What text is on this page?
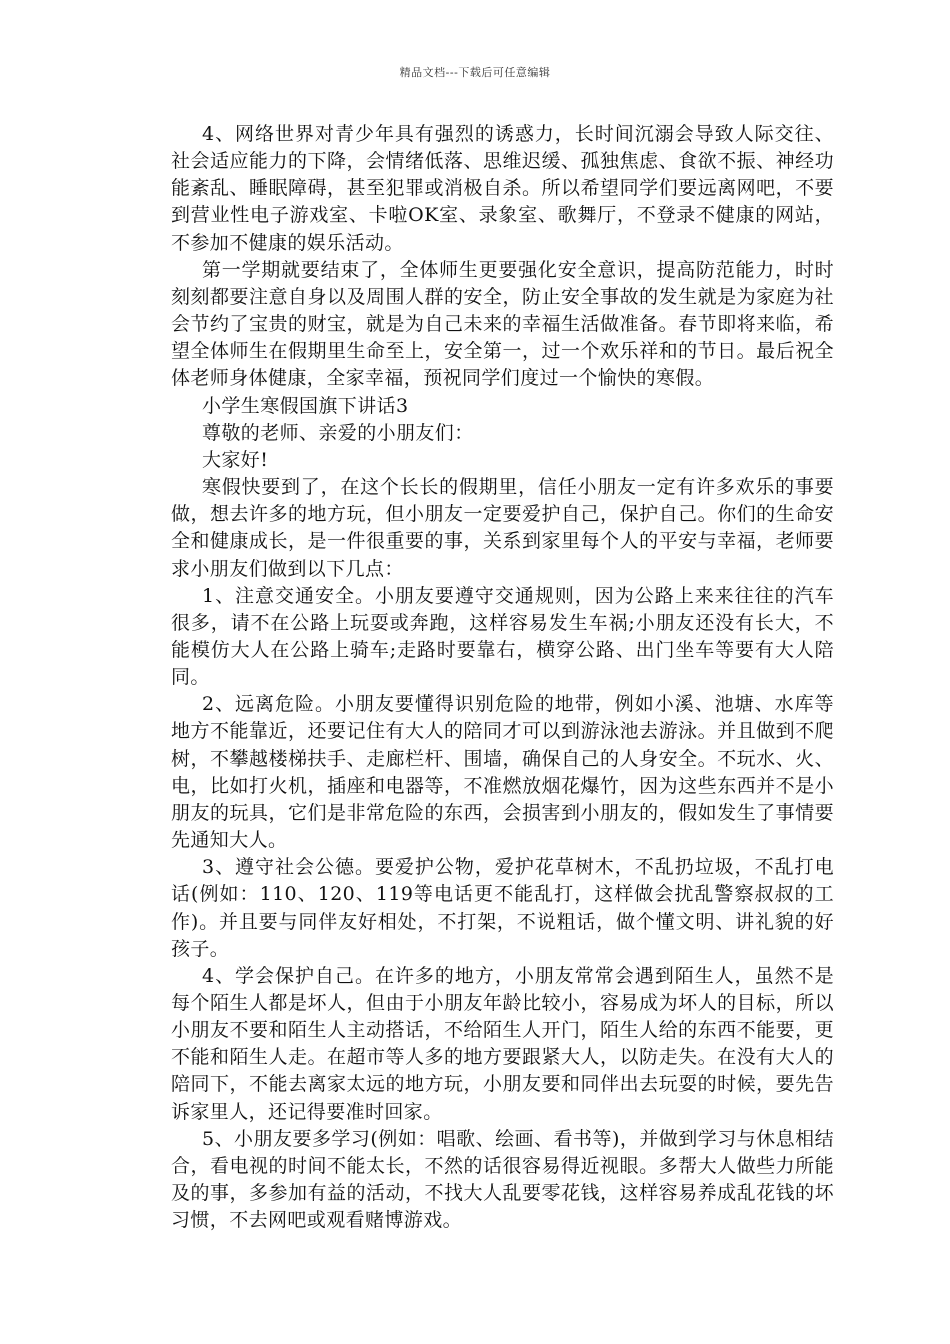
精品文档---下载后可任意编辑

4、网络世界对青少年具有强烈的诱惑力，长时间沉溺会导致人际交往、社会适应能力的下降，会情绪低落、思维迟缓、孤独焦虑、食欲不振、神经功能紊乱、睡眠障碍，甚至犯罪或消极自杀。所以希望同学们要远离网吧，不要到营业性电子游戏室、卡啦OK室、录象室、歌舞厅，不登录不健康的网站，不参加不健康的娱乐活动。

第一学期就要结束了，全体师生更要强化安全意识，提高防范能力，时时刻刻都要注意自身以及周围人群的安全，防止安全事故的发生就是为家庭为社会节约了宝贵的财宝，就是为自己未来的幸福生活做准备。春节即将来临，希望全体师生在假期里生命至上，安全第一，过一个欢乐祥和的节日。最后祝全体老师身体健康，全家幸福，预祝同学们度过一个愉快的寒假。

小学生寒假国旗下讲话3

尊敬的老师、亲爱的小朋友们：

大家好!

寒假快要到了，在这个长长的假期里，信任小朋友一定有许多欢乐的事要做，想去许多的地方玩，但小朋友一定要爱护自己，保护自己。你们的生命安全和健康成长，是一件很重要的事，关系到家里每个人的平安与幸福，老师要求小朋友们做到以下几点：

1、注意交通安全。小朋友要遵守交通规则，因为公路上来来往往的汽车很多，请不在公路上玩耍或奔跑，这样容易发生车祸;小朋友还没有长大，不能模仿大人在公路上骑车;走路时要靠右，横穿公路、出门坐车等要有大人陪同。

2、远离危险。小朋友要懂得识别危险的地带，例如小溪、池塘、水库等地方不能靠近，还要记住有大人的陪同才可以到游泳池去游泳。并且做到不爬树，不攀越楼梯扶手、走廊栏杆、围墙，确保自己的人身安全。不玩水、火、电，比如打火机，插座和电器等，不准燃放烟花爆竹，因为这些东西并不是小朋友的玩具，它们是非常危险的东西，会损害到小朋友的，假如发生了事情要先通知大人。

3、遵守社会公德。要爱护公物，爱护花草树木，不乱扔垃圾，不乱打电话(例如：110、120、119等电话更不能乱打，这样做会扰乱警察叔叔的工作)。并且要与同伴友好相处，不打架，不说粗话，做个懂文明、讲礼貌的好孩子。

4、学会保护自己。在许多的地方，小朋友常常会遇到陌生人，虽然不是每个陌生人都是坏人，但由于小朋友年龄比较小，容易成为坏人的目标，所以小朋友不要和陌生人主动搭话，不给陌生人开门，陌生人给的东西不能要，更不能和陌生人走。在超市等人多的地方要跟紧大人，以防走失。在没有大人的陪同下，不能去离家太远的地方玩，小朋友要和同伴出去玩耍的时候，要先告诉家里人，还记得要准时回家。

5、小朋友要多学习(例如：唱歌、绘画、看书等)，并做到学习与休息相结合，看电视的时间不能太长，不然的话很容易得近视眼。多帮大人做些力所能及的事，多参加有益的活动，不找大人乱要零花钱，这样容易养成乱花钱的坏习惯，不去网吧或观看赌博游戏。
